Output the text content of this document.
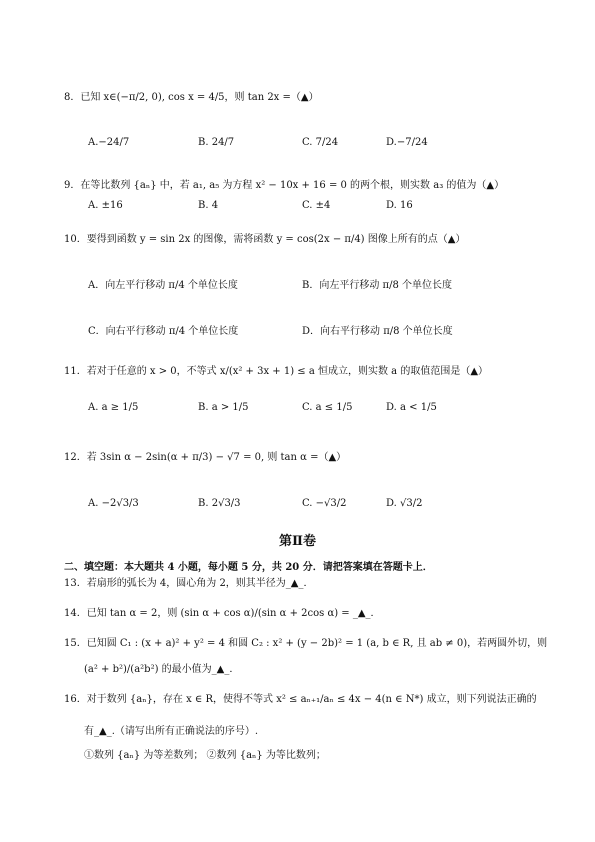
8．已知 x∈(−π/2, 0), cos x = 4/5，则 tan 2x =（▲）
A.−24/7	B. 24/7	C. 7/24	D.−7/24
9．在等比数列 {aₙ} 中，若 a₁, a₅ 为方程 x² − 10x + 16 = 0 的两个根，则实数 a₃ 的值为（▲）
A. ±16	B. 4	C. ±4	D. 16
10．要得到函数 y = sin 2x 的图像，需将函数 y = cos(2x − π/4) 图像上所有的点（▲）
A．向左平行移动 π/4 个单位长度	B．向左平行移动 π/8 个单位长度
C．向右平行移动 π/4 个单位长度	D．向右平行移动 π/8 个单位长度
11．若对于任意的 x > 0，不等式 x/(x² + 3x + 1) ≤ a 恒成立，则实数 a 的取值范围是（▲）
A. a ≥ 1/5	B. a > 1/5	C. a ≤ 1/5	D. a < 1/5
12．若 3sin α − 2sin(α + π/3) − √7 = 0, 则 tan α =（▲）
A. −2√3/3	B. 2√3/3	C. −√3/2	D. √3/2
13．若扇形的弧长为 4，圆心角为 2，则其半径为_▲_．
14．已知 tan α = 2，则 (sin α + cos α)/(sin α + 2cos α) = _▲_．
15．已知圆 C₁ : (x + a)² + y² = 4 和圆 C₂ : x² + (y − 2b)² = 1 (a, b ∈ R, 且 ab ≠ 0)，若两圆外切，则
(a² + b²)/(a²b²) 的最小值为_▲_．
16．对于数列 {aₙ}，存在 x ∈ R，使得不等式 x² ≤ aₙ₊₁/aₙ ≤ 4x − 4(n ∈ N*) 成立，则下列说法正确的
有_▲_.（请写出所有正确说法的序号）.
①数列 {aₙ} 为等差数列； ②数列 {aₙ} 为等比数列；
第Ⅱ卷
二、填空题：本大题共 4 小题，每小题 5 分，共 20 分．请把答案填在答题卡上．
